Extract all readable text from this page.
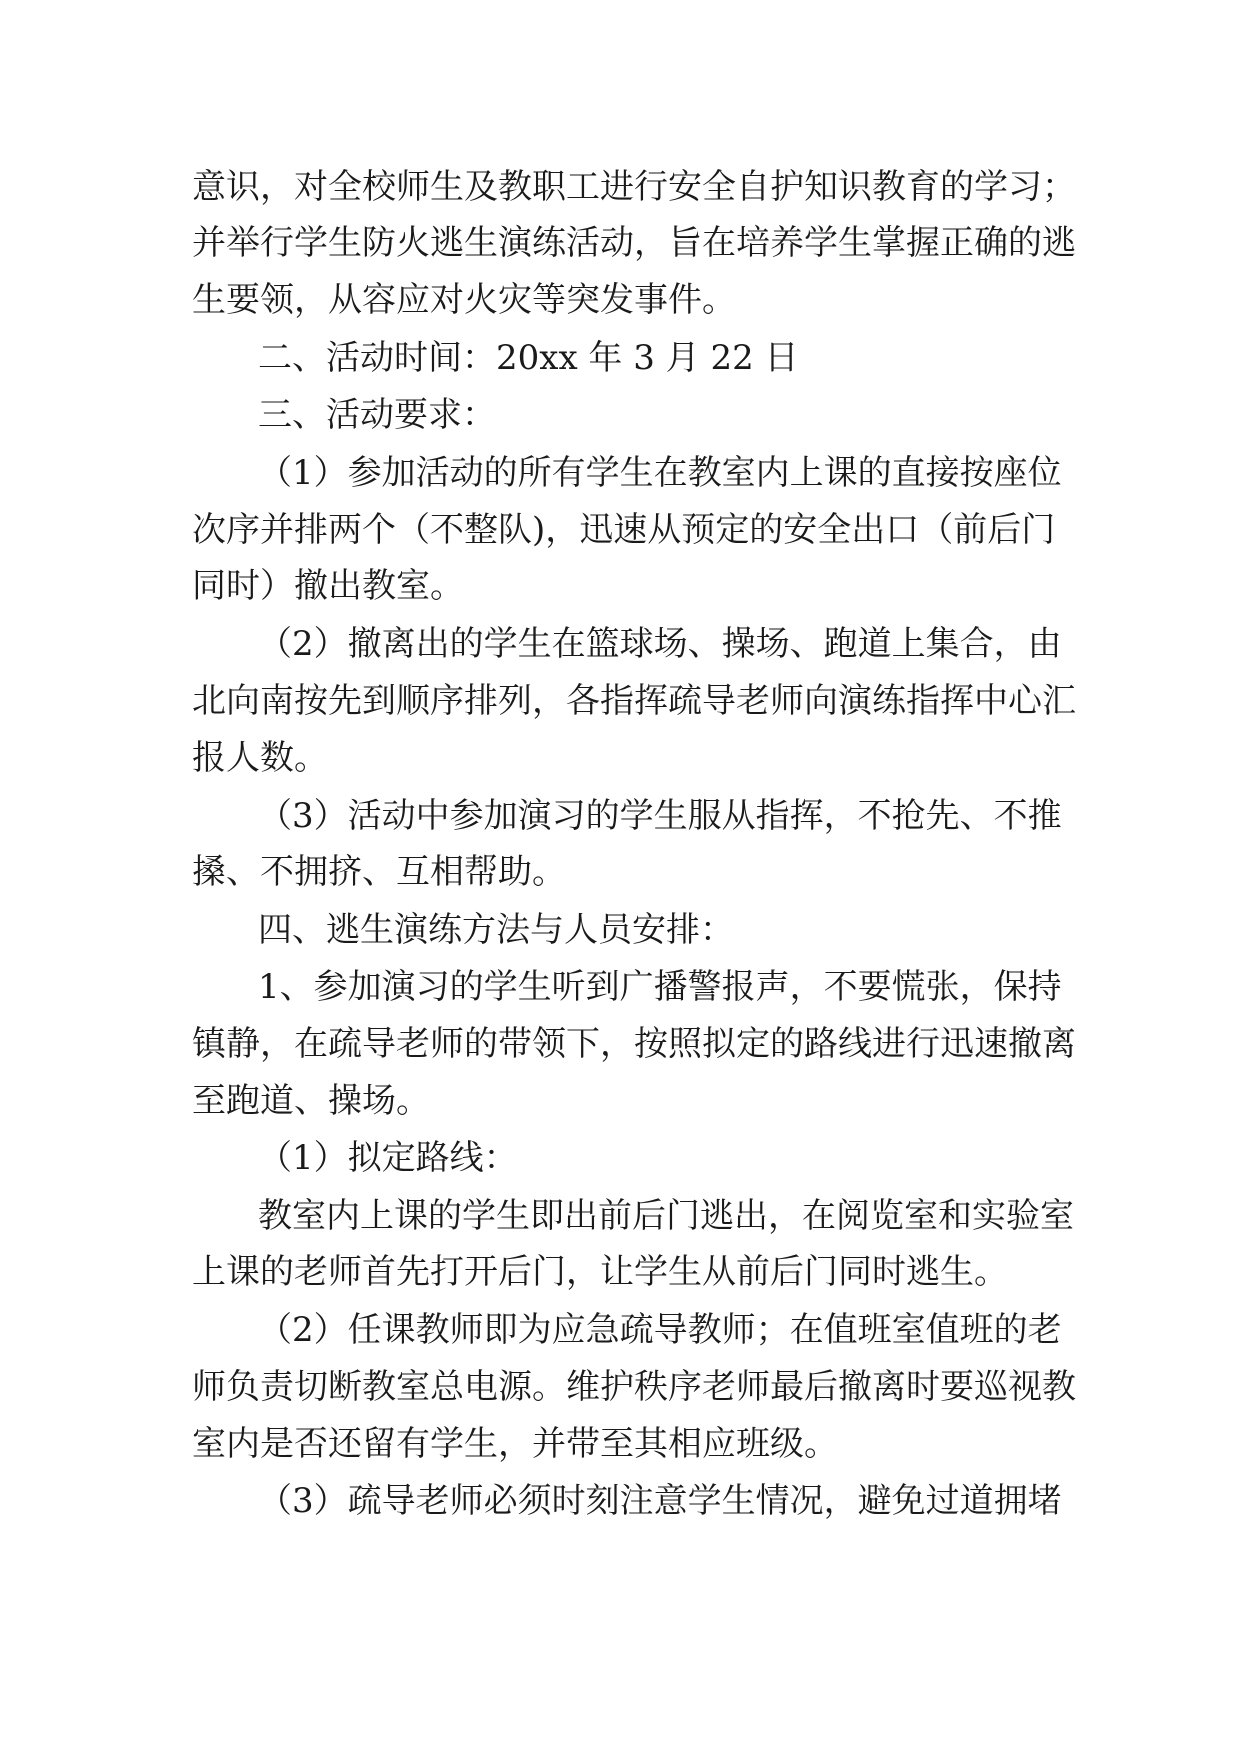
意识，对全校师生及教职工进行安全自护知识教育的学习；
并举行学生防火逃生演练活动，旨在培养学生掌握正确的逃
生要领，从容应对火灾等突发事件。
二、活动时间：20xx 年 3 月 22 日
三、活动要求：
（1）参加活动的所有学生在教室内上课的直接按座位
次序并排两个（不整队)，迅速从预定的安全出口（前后门
同时）撤出教室。
（2）撤离出的学生在篮球场、操场、跑道上集合，由
北向南按先到顺序排列，各指挥疏导老师向演练指挥中心汇
报人数。
（3）活动中参加演习的学生服从指挥，不抢先、不推
搡、不拥挤、互相帮助。
四、逃生演练方法与人员安排：
1、参加演习的学生听到广播警报声，不要慌张，保持
镇静，在疏导老师的带领下，按照拟定的路线进行迅速撤离
至跑道、操场。
（1）拟定路线：
教室内上课的学生即出前后门逃出，在阅览室和实验室
上课的老师首先打开后门，让学生从前后门同时逃生。
（2）任课教师即为应急疏导教师；在值班室值班的老
师负责切断教室总电源。维护秩序老师最后撤离时要巡视教
室内是否还留有学生，并带至其相应班级。
（3）疏导老师必须时刻注意学生情况，避免过道拥堵
